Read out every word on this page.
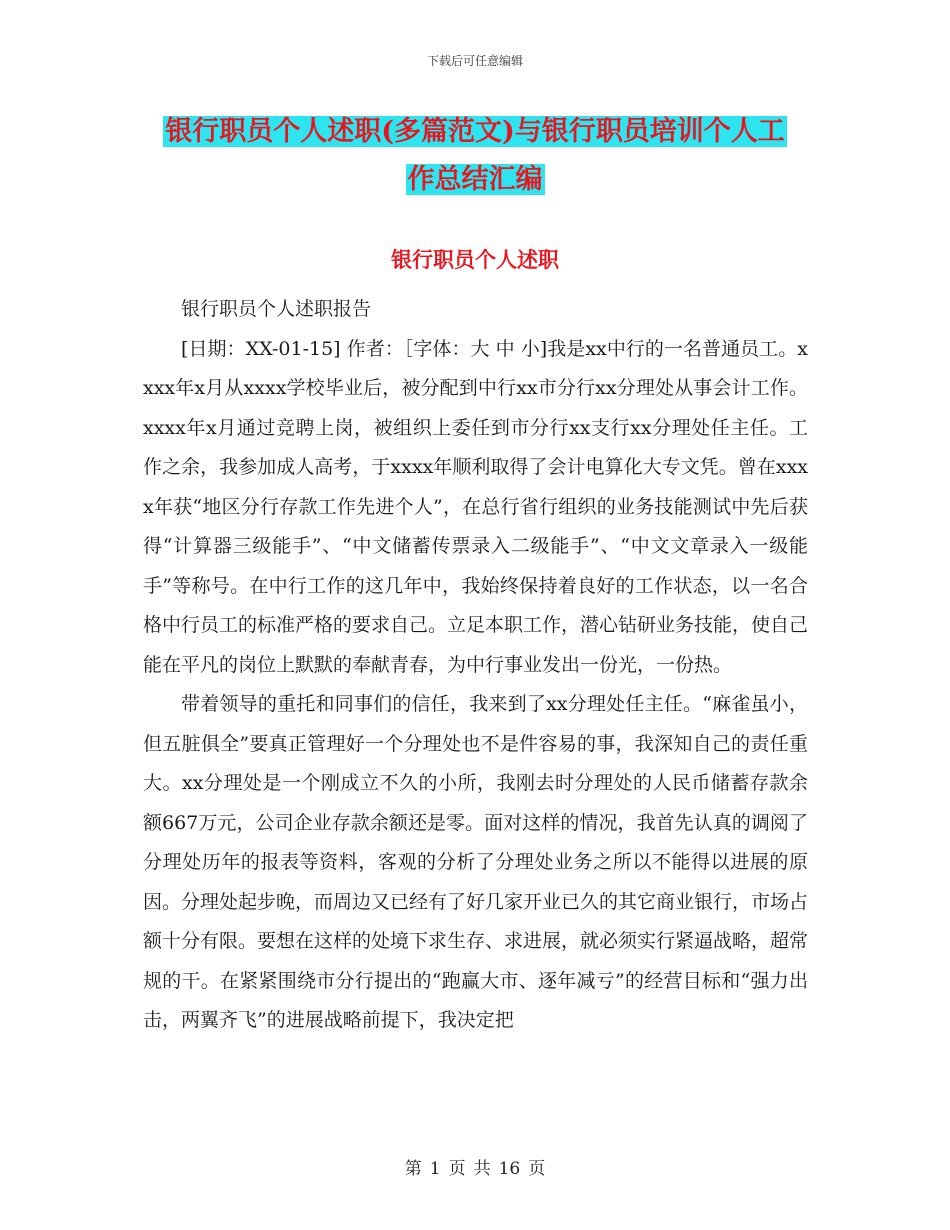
下载后可任意编辑
银行职员个人述职(多篇范文)与银行职员培训个人工
作总结汇编
银行职员个人述职

银行职员个人述职报告

[日期：XX-01-15] 作者：［字体：大 中 小]我是xx中行的一名普通员工。xxxx年x月从xxxx学校毕业后，被分配到中行xx市分行xx分理处从事会计工作。xxxx年x月通过竞聘上岗，被组织上委任到市分行xx支行xx分理处任主任。工作之余，我参加成人高考，于xxxx年顺利取得了会计电算化大专文凭。曾在xxxx年获“地区分行存款工作先进个人”，在总行省行组织的业务技能测试中先后获得“计算器三级能手”、“中文储蓄传票录入二级能手”、“中文文章录入一级能手”等称号。在中行工作的这几年中，我始终保持着良好的工作状态，以一名合格中行员工的标准严格的要求自己。立足本职工作，潜心钻研业务技能，使自己能在平凡的岗位上默默的奉献青春，为中行事业发出一份光，一份热。

带着领导的重托和同事们的信任，我来到了xx分理处任主任。“麻雀虽小，但五脏俱全”要真正管理好一个分理处也不是件容易的事，我深知自己的责任重大。xx分理处是一个刚成立不久的小所，我刚去时分理处的人民币储蓄存款余额667万元，公司企业存款余额还是零。面对这样的情况，我首先认真的调阅了分理处历年的报表等资料，客观的分析了分理处业务之所以不能得以进展的原因。分理处起步晚，而周边又已经有了好几家开业已久的其它商业银行，市场占额十分有限。要想在这样的处境下求生存、求进展，就必须实行紧逼战略，超常规的干。在紧紧围绕市分行提出的“跑赢大市、逐年减亏”的经营目标和“强力出击，两翼齐飞”的进展战略前提下，我决定把

第 1 页 共 16 页
